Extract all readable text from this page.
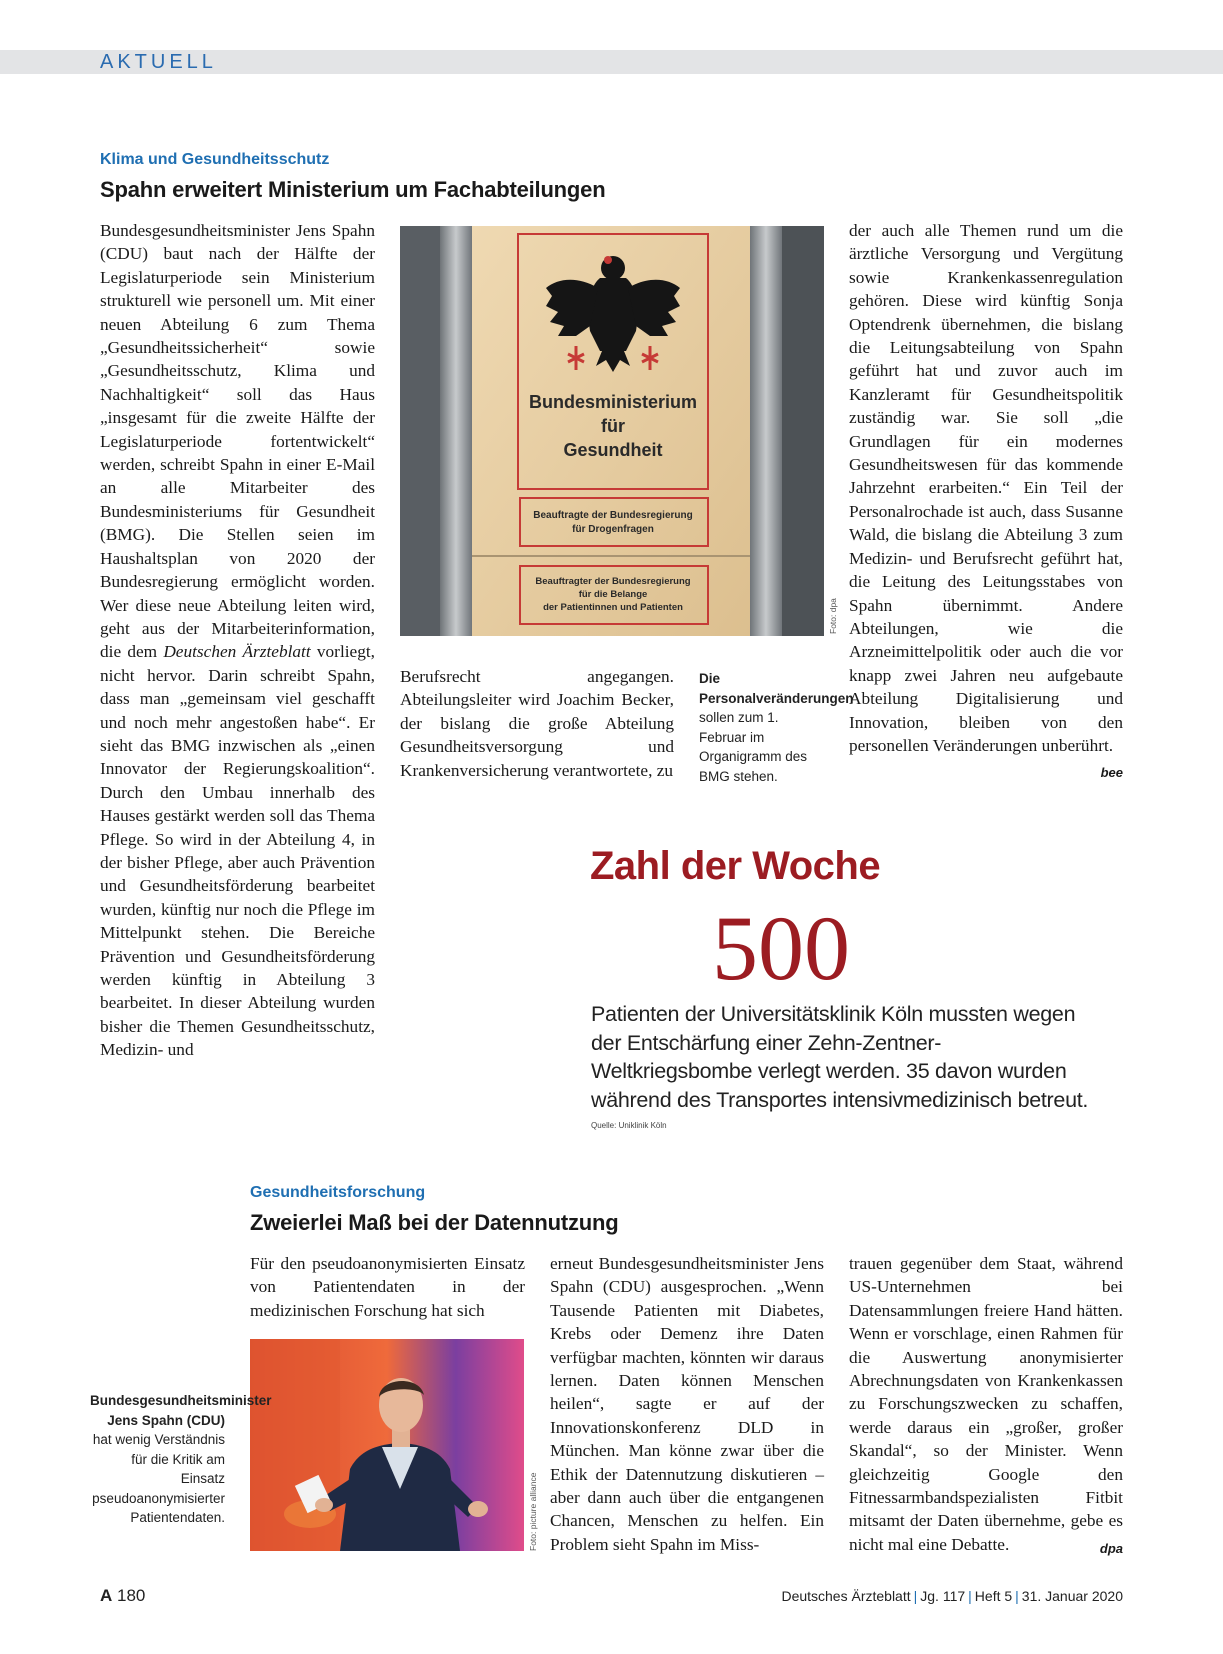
AKTUELL
Klima und Gesundheitsschutz
Spahn erweitert Ministerium um Fachabteilungen

Bundesgesundheitsminister Jens Spahn (CDU) baut nach der Hälfte der Legislaturperiode sein Ministerium strukturell wie personell um. Mit einer neuen Abteilung 6 zum Thema „Gesundheitssicherheit“ sowie „Gesundheitsschutz, Klima und Nachhaltigkeit“ soll das Haus „insgesamt für die zweite Hälfte der Legislaturperiode fortentwickelt“ werden, schreibt Spahn in einer E-Mail an alle Mitarbeiter des Bundesministeriums für Gesundheit (BMG). Die Stellen seien im Haushaltsplan von 2020 der Bundesregierung ermöglicht worden. Wer diese neue Abteilung leiten wird, geht aus der Mitarbeiterinformation, die dem Deutschen Ärzteblatt vorliegt, nicht hervor. Darin schreibt Spahn, dass man „gemeinsam viel geschafft und noch mehr angestoßen habe“. Er sieht das BMG inzwischen als „einen Innovator der Regierungskoalition“. Durch den Umbau innerhalb des Hauses gestärkt werden soll das Thema Pflege. So wird in der Abteilung 4, in der bisher Pflege, aber auch Prävention und Gesundheitsförderung bearbeitet wurden, künftig nur noch die Pflege im Mittelpunkt stehen. Die Bereiche Prävention und Gesundheitsförderung werden künftig in Abteilung 3 bearbeitet. In dieser Abteilung wurden bisher die Themen Gesundheitsschutz, Medizin- und

Bundesministerium
für
Gesundheit
Beauftragte der Bundesregierung
für Drogenfragen
Beauftragter der Bundesregierung
für die Belange
der Patientinnen und Patienten	Foto: dpa

Berufsrecht angegangen. Abteilungsleiter wird Joachim Becker, der bislang die große Abteilung Gesundheitsversorgung und Krankenversicherung verantwortete, zu

Die Personalveränderungen sollen zum 1. Februar im Organigramm des BMG stehen.

der auch alle Themen rund um die ärztliche Versorgung und Vergütung sowie Krankenkassenregulation gehören. Diese wird künftig Sonja Optendrenk übernehmen, die bislang die Leitungsabteilung von Spahn geführt hat und zuvor auch im Kanzleramt für Gesundheitspolitik zuständig war. Sie soll „die Grundlagen für ein modernes Gesundheitswesen für das kommende Jahrzehnt erarbeiten.“ Ein Teil der Personalrochade ist auch, dass Susanne Wald, die bislang die Abteilung 3 zum Medizin- und Berufsrecht geführt hat, die Leitung des Leitungsstabes von Spahn übernimmt. Andere Abteilungen, wie die Arzneimittelpolitik oder auch die vor knapp zwei Jahren neu aufgebaute Abteilung Digitalisierung und Innovation, bleiben von den personellen Veränderungen unberührt.
bee

Zahl der Woche
500
Patienten der Universitätsklinik Köln mussten wegen der Entschärfung einer Zehn-Zentner-Weltkriegsbombe verlegt werden. 35 davon wurden während des Transportes intensivmedizinisch betreut.
Quelle: Uniklinik Köln
Gesundheitsforschung
Zweierlei Maß bei der Datennutzung

Für den pseudoanonymisierten Einsatz von Patientendaten in der medizinischen Forschung hat sich

Foto: picture alliance
Bundesgesundheitsminister Jens Spahn (CDU) hat wenig Verständnis für die Kritik am Einsatz pseudoanonymisierter Patientendaten.

erneut Bundesgesundheitsminister Jens Spahn (CDU) ausgesprochen. „Wenn Tausende Patienten mit Diabetes, Krebs oder Demenz ihre Daten verfügbar machten, könnten wir daraus lernen. Daten können Menschen heilen“, sagte er auf der Innovationskonferenz DLD in München. Man könne zwar über die Ethik der Datennutzung diskutieren – aber dann auch über die entgangenen Chancen, Menschen zu helfen. Ein Problem sieht Spahn im Miss-

trauen gegenüber dem Staat, während US-Unternehmen bei Datensammlungen freiere Hand hätten. Wenn er vorschlage, einen Rahmen für die Auswertung anonymisierter Abrechnungsdaten von Krankenkassen zu Forschungszwecken zu schaffen, werde daraus ein „großer, großer Skandal“, so der Minister. Wenn gleichzeitig Google den Fitnessarmbandspezialisten Fitbit mitsamt der Daten übernehme, gebe es nicht mal eine Debatte.	dpa

A 180	Deutsches Ärzteblatt | Jg. 117 | Heft 5 | 31. Januar 2020
